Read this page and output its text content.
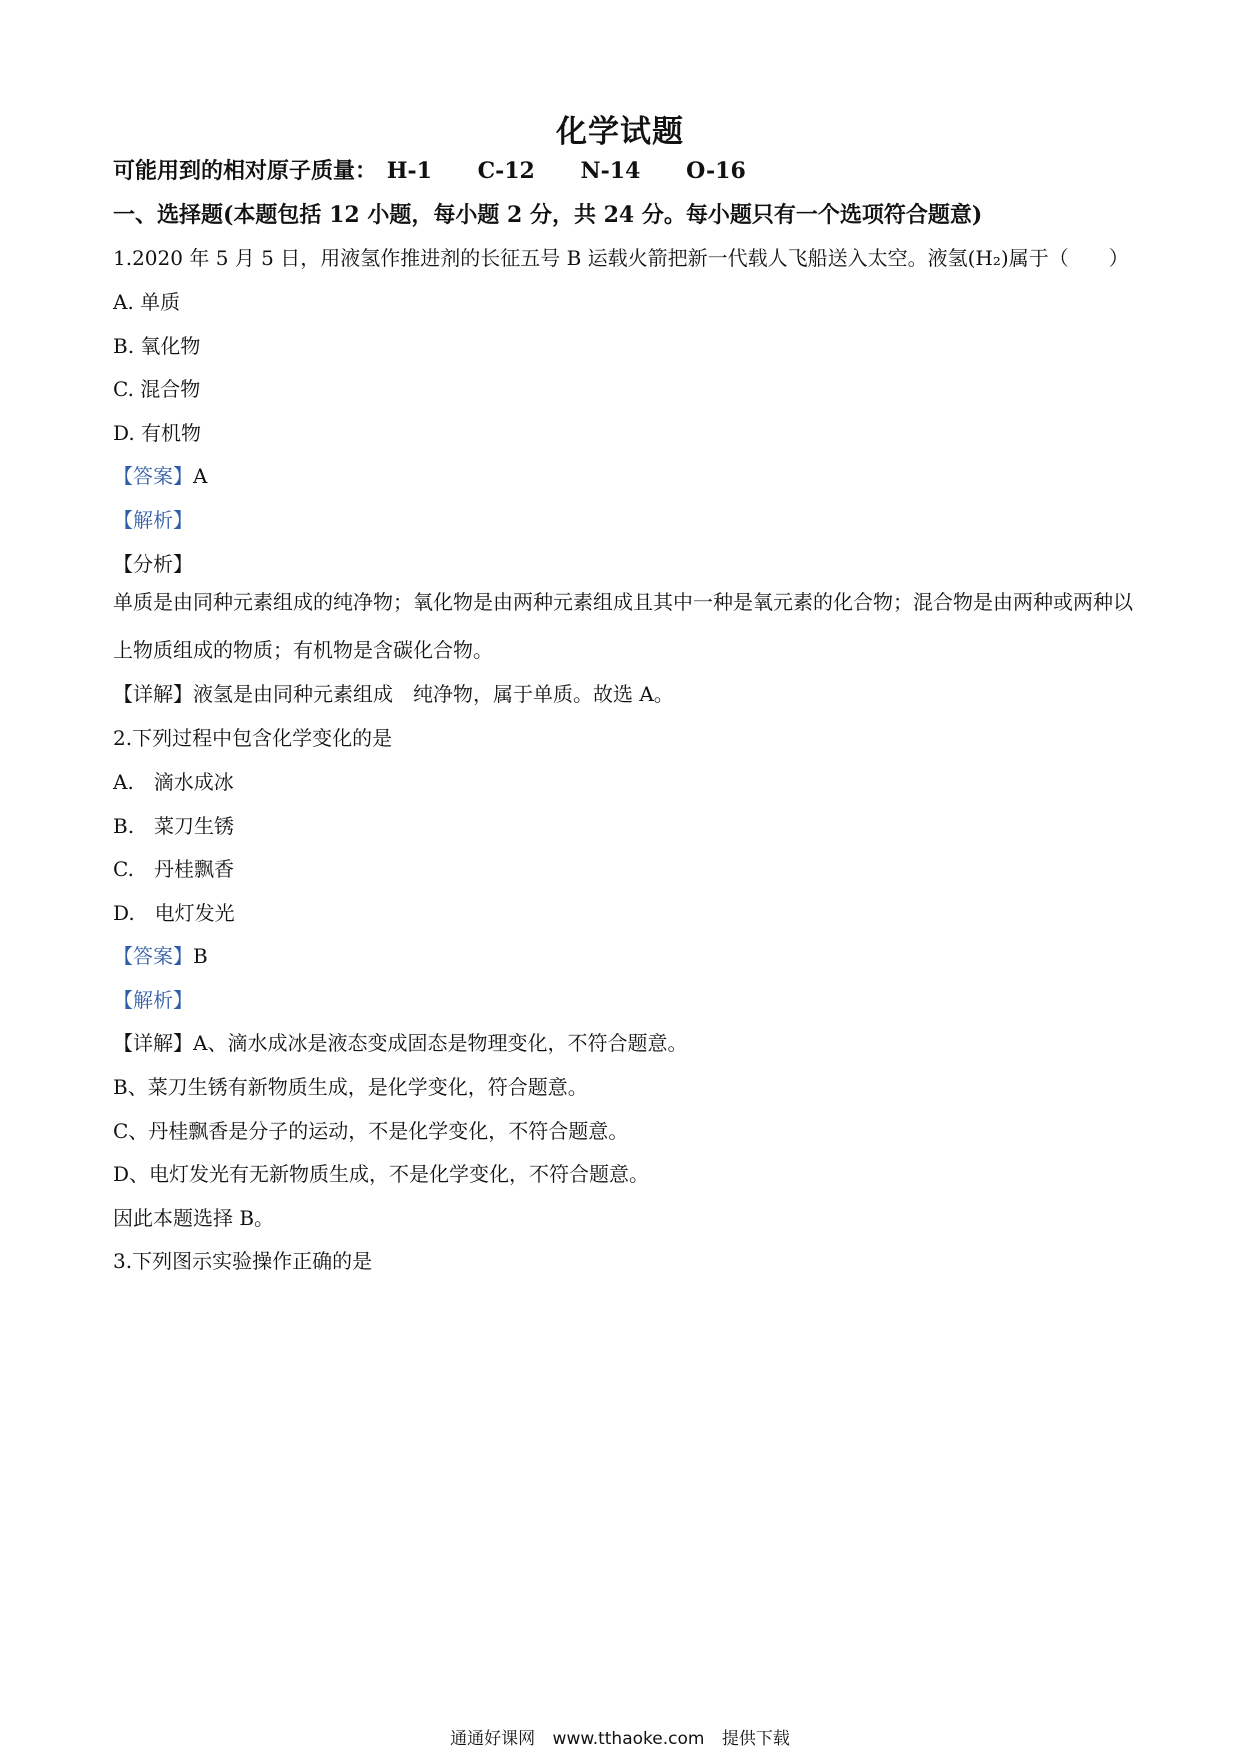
化学试题
可能用到的相对原子质量： H-1 C-12 N-14 O-16
一、选择题(本题包括 12 小题，每小题 2 分，共 24 分。每小题只有一个选项符合题意)
1.2020 年 5 月 5 日，用液氢作推进剂的长征五号 B 运载火箭把新一代载人飞船送入太空。液氢(H₂)属于（　　）
A. 单质
B. 氧化物
C. 混合物
D. 有机物
【答案】A
【解析】
【分析】
单质是由同种元素组成的纯净物；氧化物是由两种元素组成且其中一种是氧元素的化合物；混合物是由两种或两种以上物质组成的物质；有机物是含碳化合物。
【详解】液氢是由同种元素组成　纯净物，属于单质。故选 A。
2.下列过程中包含化学变化的是
A.　滴水成冰
B.　菜刀生锈
C.　丹桂飘香
D.　电灯发光
【答案】B
【解析】
【详解】A、滴水成冰是液态变成固态是物理变化，不符合题意。
B、菜刀生锈有新物质生成，是化学变化，符合题意。
C、丹桂飘香是分子的运动，不是化学变化，不符合题意。
D、电灯发光有无新物质生成，不是化学变化，不符合题意。
因此本题选择 B。
3.下列图示实验操作正确的是
通通好课网 www.tthaoke.com 提供下载
